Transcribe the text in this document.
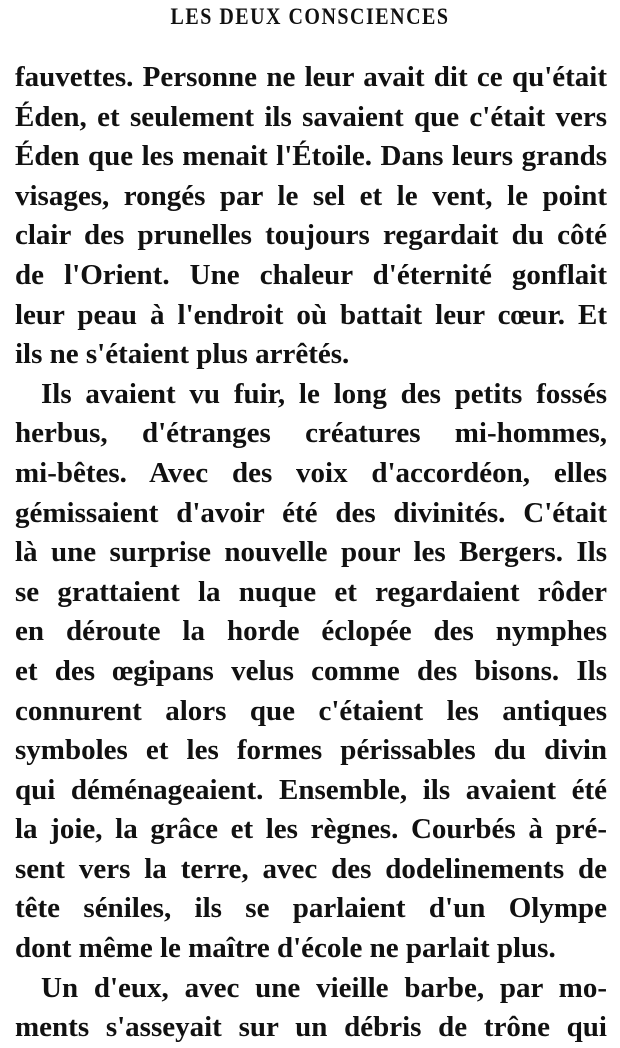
LES DEUX CONSCIENCES
fauvettes. Personne ne leur avait dit ce qu'était
Éden, et seulement ils savaient que c'était vers
Éden que les menait l'Étoile. Dans leurs grands
visages, rongés par le sel et le vent, le point
clair des prunelles toujours regardait du côté
de l'Orient. Une chaleur d'éternité gonflait
leur peau à l'endroit où battait leur cœur. Et
ils ne s'étaient plus arrêtés.
Ils avaient vu fuir, le long des petits fossés
herbus, d'étranges créatures mi-hommes,
mi-bêtes. Avec des voix d'accordéon, elles
gémissaient d'avoir été des divinités. C'était
là une surprise nouvelle pour les Bergers. Ils
se grattaient la nuque et regardaient rôder
en déroute la horde éclopée des nymphes
et des œgipans velus comme des bisons. Ils
connurent alors que c'étaient les antiques
symboles et les formes périssables du divin
qui déménageaient. Ensemble, ils avaient été
la joie, la grâce et les règnes. Courbés à pré-
sent vers la terre, avec des dodelinements de
tête séniles, ils se parlaient d'un Olympe
dont même le maître d'école ne parlait plus.
Un d'eux, avec une vieille barbe, par mo-
ments s'asseyait sur un débris de trône qui
